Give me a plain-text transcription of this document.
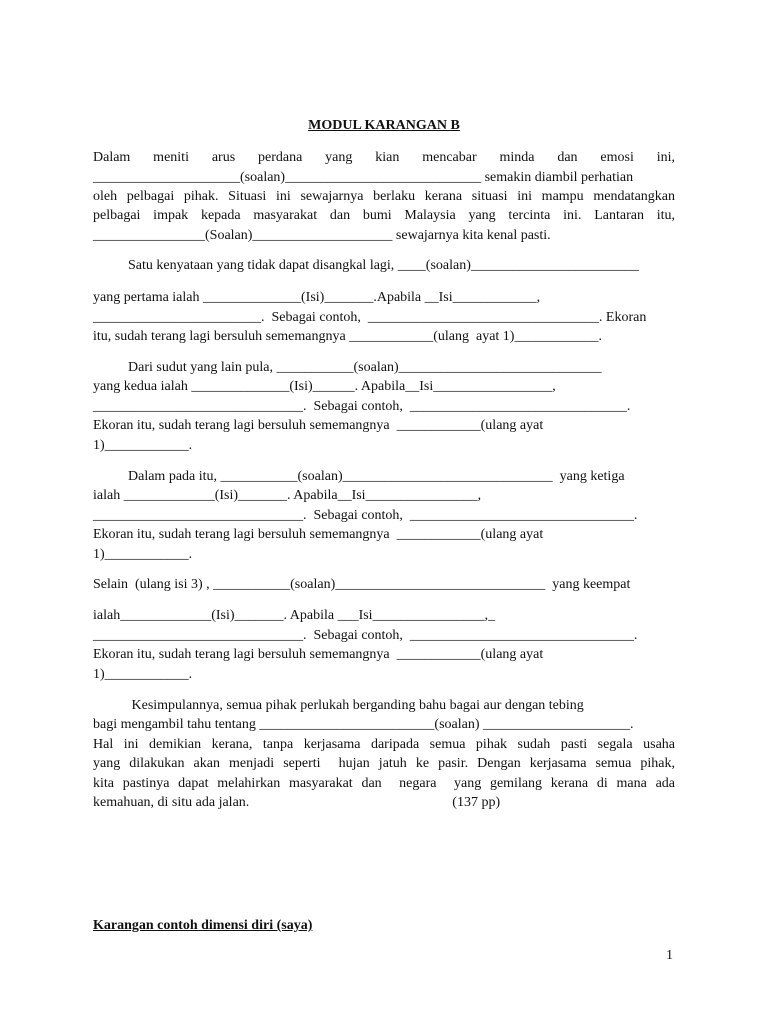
MODUL KARANGAN B
Dalam meniti arus perdana yang kian mencabar minda dan emosi ini,
_____________________(soalan)____________________________ semakin diambil perhatian
oleh pelbagai pihak. Situasi ini sewajarnya berlaku kerana situasi ini mampu mendatangkan
pelbagai impak kepada masyarakat dan bumi Malaysia yang tercinta ini. Lantaran itu,
________________(Soalan)____________________ sewajarnya kita kenal pasti.
Satu kenyataan yang tidak dapat disangkal lagi, ____(soalan)________________________
yang pertama ialah ______________(Isi)_______.Apabila __Isi____________,
________________________.  Sebagai contoh,  _________________________________. Ekoran
itu, sudah terang lagi bersuluh sememangnya ____________(ulang  ayat 1)____________.
Dari sudut yang lain pula, ___________(soalan)_____________________________
yang kedua ialah ______________(Isi)______. Apabila__Isi_________________,
______________________________.  Sebagai contoh,  _______________________________.
Ekoran itu, sudah terang lagi bersuluh sememangnya  ____________(ulang ayat
1)____________.
Dalam pada itu, ___________(soalan)______________________________  yang ketiga
ialah _____________(Isi)_______. Apabila__Isi________________,
______________________________.  Sebagai contoh,  ________________________________.
Ekoran itu, sudah terang lagi bersuluh sememangnya  ____________(ulang ayat
1)____________.
Selain  (ulang isi 3) , ___________(soalan)______________________________  yang keempat
ialah_____________(Isi)_______. Apabila ___Isi________________,_
______________________________.  Sebagai contoh,  ________________________________.
Ekoran itu, sudah terang lagi bersuluh sememangnya  ____________(ulang ayat
1)____________.
Kesimpulannya, semua pihak perlukah berganding bahu bagai aur dengan tebing
bagi mengambil tahu tentang _________________________(soalan) _____________________.
Hal ini demikian kerana, tanpa kerjasama daripada semua pihak sudah pasti segala usaha
yang dilakukan akan menjadi seperti  hujan jatuh ke pasir. Dengan kerjasama semua pihak,
kita pastinya dapat melahirkan masyarakat dan  negara  yang gemilang kerana di mana ada
kemahuan, di situ ada jalan.                                                          (137 pp)
Karangan contoh dimensi diri (saya)
1
